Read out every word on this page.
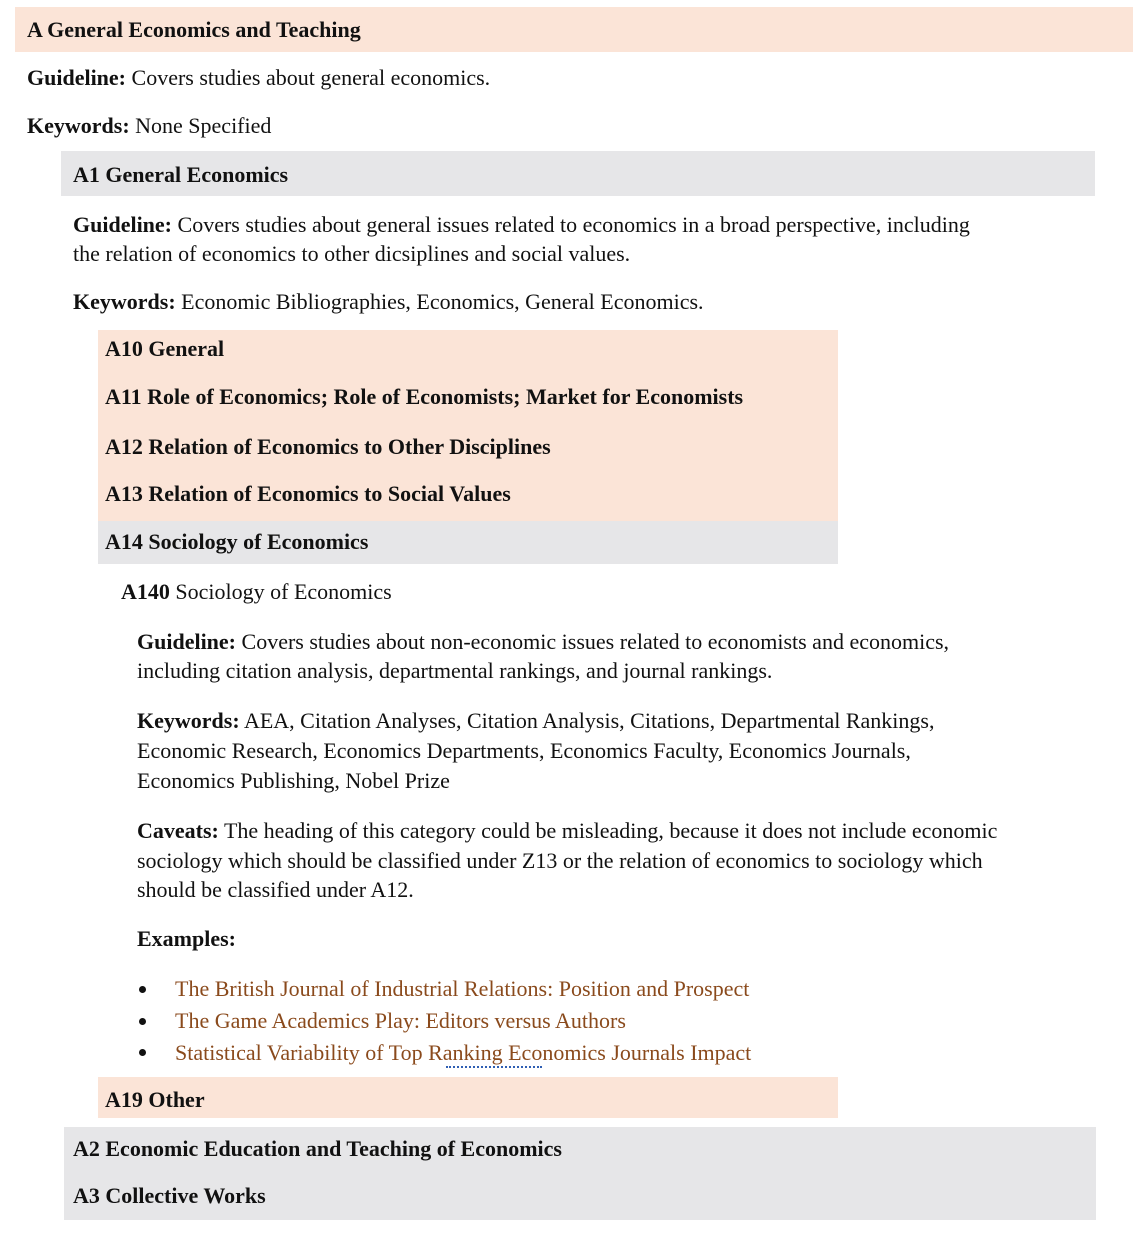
A General Economics and Teaching
Guideline: Covers studies about general economics.
Keywords: None Specified
A1 General Economics
Guideline: Covers studies about general issues related to economics in a broad perspective, including
the relation of economics to other dicsiplines and social values.
Keywords: Economic Bibliographies, Economics, General Economics.
A10 General
A11 Role of Economics; Role of Economists; Market for Economists
A12 Relation of Economics to Other Disciplines
A13 Relation of Economics to Social Values
A14 Sociology of Economics
A140 Sociology of Economics
Guideline: Covers studies about non-economic issues related to economists and economics,
including citation analysis, departmental rankings, and journal rankings.
Keywords: AEA, Citation Analyses, Citation Analysis, Citations, Departmental Rankings,
Economic Research, Economics Departments, Economics Faculty, Economics Journals,
Economics Publishing, Nobel Prize
Caveats: The heading of this category could be misleading, because it does not include economic
sociology which should be classified under Z13 or the relation of economics to sociology which
should be classified under A12.
Examples:
The British Journal of Industrial Relations: Position and Prospect
The Game Academics Play: Editors versus Authors
Statistical Variability of Top Ranking Economics Journals Impact
A19 Other
A2 Economic Education and Teaching of Economics
A3 Collective Works
